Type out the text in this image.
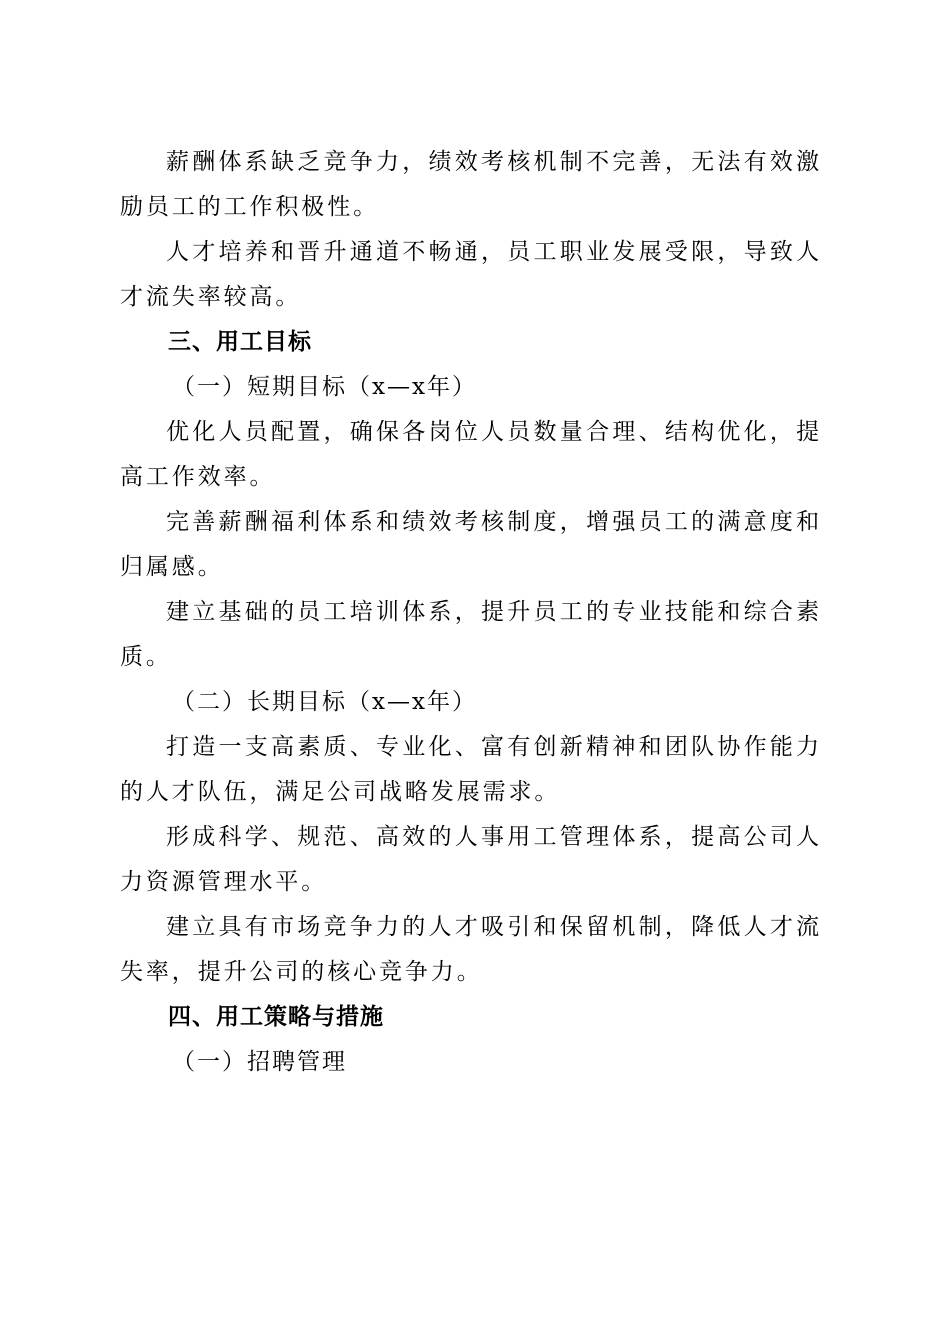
薪酬体系缺乏竞争力，绩效考核机制不完善，无法有效激励员工的工作积极性。

人才培养和晋升通道不畅通，员工职业发展受限，导致人才流失率较高。

三、用工目标

（一）短期目标（x—x年）

优化人员配置，确保各岗位人员数量合理、结构优化，提高工作效率。

完善薪酬福利体系和绩效考核制度，增强员工的满意度和归属感。

建立基础的员工培训体系，提升员工的专业技能和综合素质。

（二）长期目标（x—x年）

打造一支高素质、专业化、富有创新精神和团队协作能力的人才队伍，满足公司战略发展需求。

形成科学、规范、高效的人事用工管理体系，提高公司人力资源管理水平。

建立具有市场竞争力的人才吸引和保留机制，降低人才流失率，提升公司的核心竞争力。

四、用工策略与措施

（一）招聘管理
